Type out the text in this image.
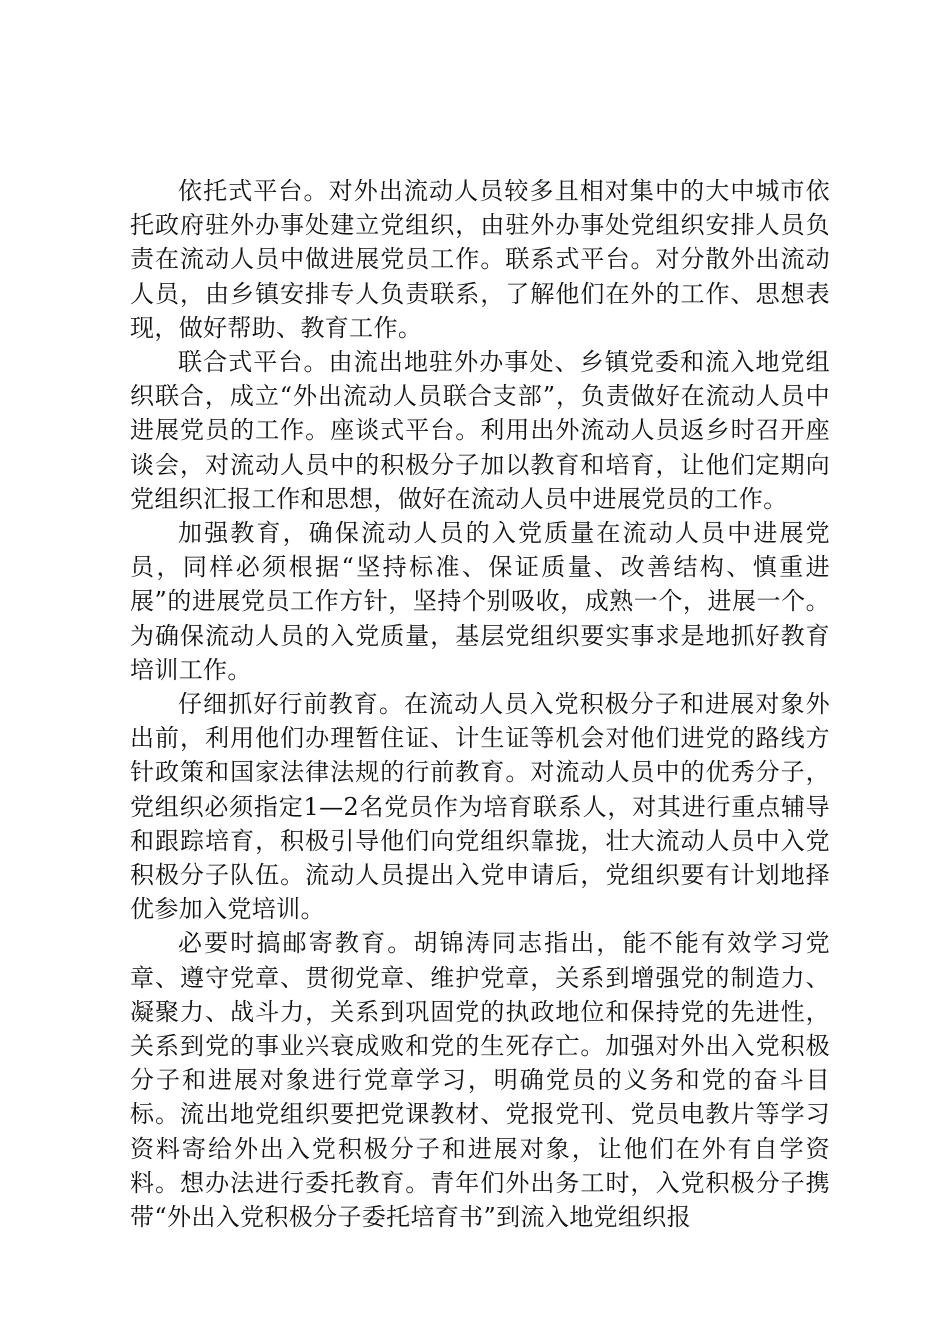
依托式平台。对外出流动人员较多且相对集中的大中城市依托政府驻外办事处建立党组织，由驻外办事处党组织安排人员负责在流动人员中做进展党员工作。联系式平台。对分散外出流动人员，由乡镇安排专人负责联系，了解他们在外的工作、思想表现，做好帮助、教育工作。

联合式平台。由流出地驻外办事处、乡镇党委和流入地党组织联合，成立“外出流动人员联合支部”，负责做好在流动人员中进展党员的工作。座谈式平台。利用出外流动人员返乡时召开座谈会，对流动人员中的积极分子加以教育和培育，让他们定期向党组织汇报工作和思想，做好在流动人员中进展党员的工作。

加强教育，确保流动人员的入党质量在流动人员中进展党员，同样必须根据“坚持标准、保证质量、改善结构、慎重进展”的进展党员工作方针，坚持个别吸收，成熟一个，进展一个。为确保流动人员的入党质量，基层党组织要实事求是地抓好教育培训工作。

仔细抓好行前教育。在流动人员入党积极分子和进展对象外出前，利用他们办理暂住证、计生证等机会对他们进党的路线方针政策和国家法律法规的行前教育。对流动人员中的优秀分子，党组织必须指定1—2名党员作为培育联系人，对其进行重点辅导和跟踪培育，积极引导他们向党组织靠拢，壮大流动人员中入党积极分子队伍。流动人员提出入党申请后，党组织要有计划地择优参加入党培训。

必要时搞邮寄教育。胡锦涛同志指出，能不能有效学习党章、遵守党章、贯彻党章、维护党章，关系到增强党的制造力、凝聚力、战斗力，关系到巩固党的执政地位和保持党的先进性，关系到党的事业兴衰成败和党的生死存亡。加强对外出入党积极分子和进展对象进行党章学习，明确党员的义务和党的奋斗目标。流出地党组织要把党课教材、党报党刊、党员电教片等学习资料寄给外出入党积极分子和进展对象，让他们在外有自学资料。想办法进行委托教育。青年们外出务工时，入党积极分子携带“外出入党积极分子委托培育书”到流入地党组织报
